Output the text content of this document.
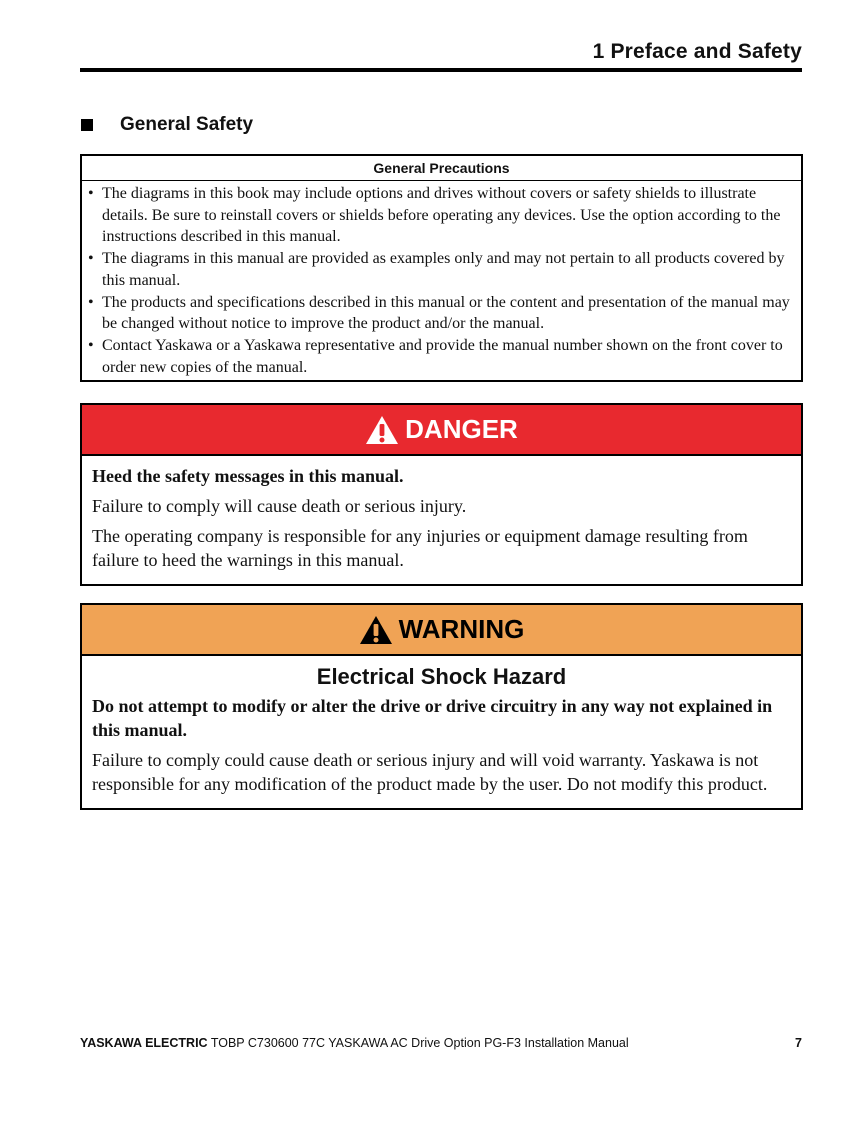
1 Preface and Safety
General Safety
General Precautions
• The diagrams in this book may include options and drives without covers or safety shields to illustrate details. Be sure to reinstall covers or shields before operating any devices. Use the option according to the instructions described in this manual.
• The diagrams in this manual are provided as examples only and may not pertain to all products covered by this manual.
• The products and specifications described in this manual or the content and presentation of the manual may be changed without notice to improve the product and/or the manual.
• Contact Yaskawa or a Yaskawa representative and provide the manual number shown on the front cover to order new copies of the manual.
DANGER

Heed the safety messages in this manual.

Failure to comply will cause death or serious injury.

The operating company is responsible for any injuries or equipment damage resulting from failure to heed the warnings in this manual.

WARNING
Electrical Shock Hazard

Do not attempt to modify or alter the drive or drive circuitry in any way not explained in this manual.

Failure to comply could cause death or serious injury and will void warranty. Yaskawa is not responsible for any modification of the product made by the user. Do not modify this product.

YASKAWA ELECTRIC TOBP C730600 77C YASKAWA AC Drive Option PG-F3 Installation Manual	7
